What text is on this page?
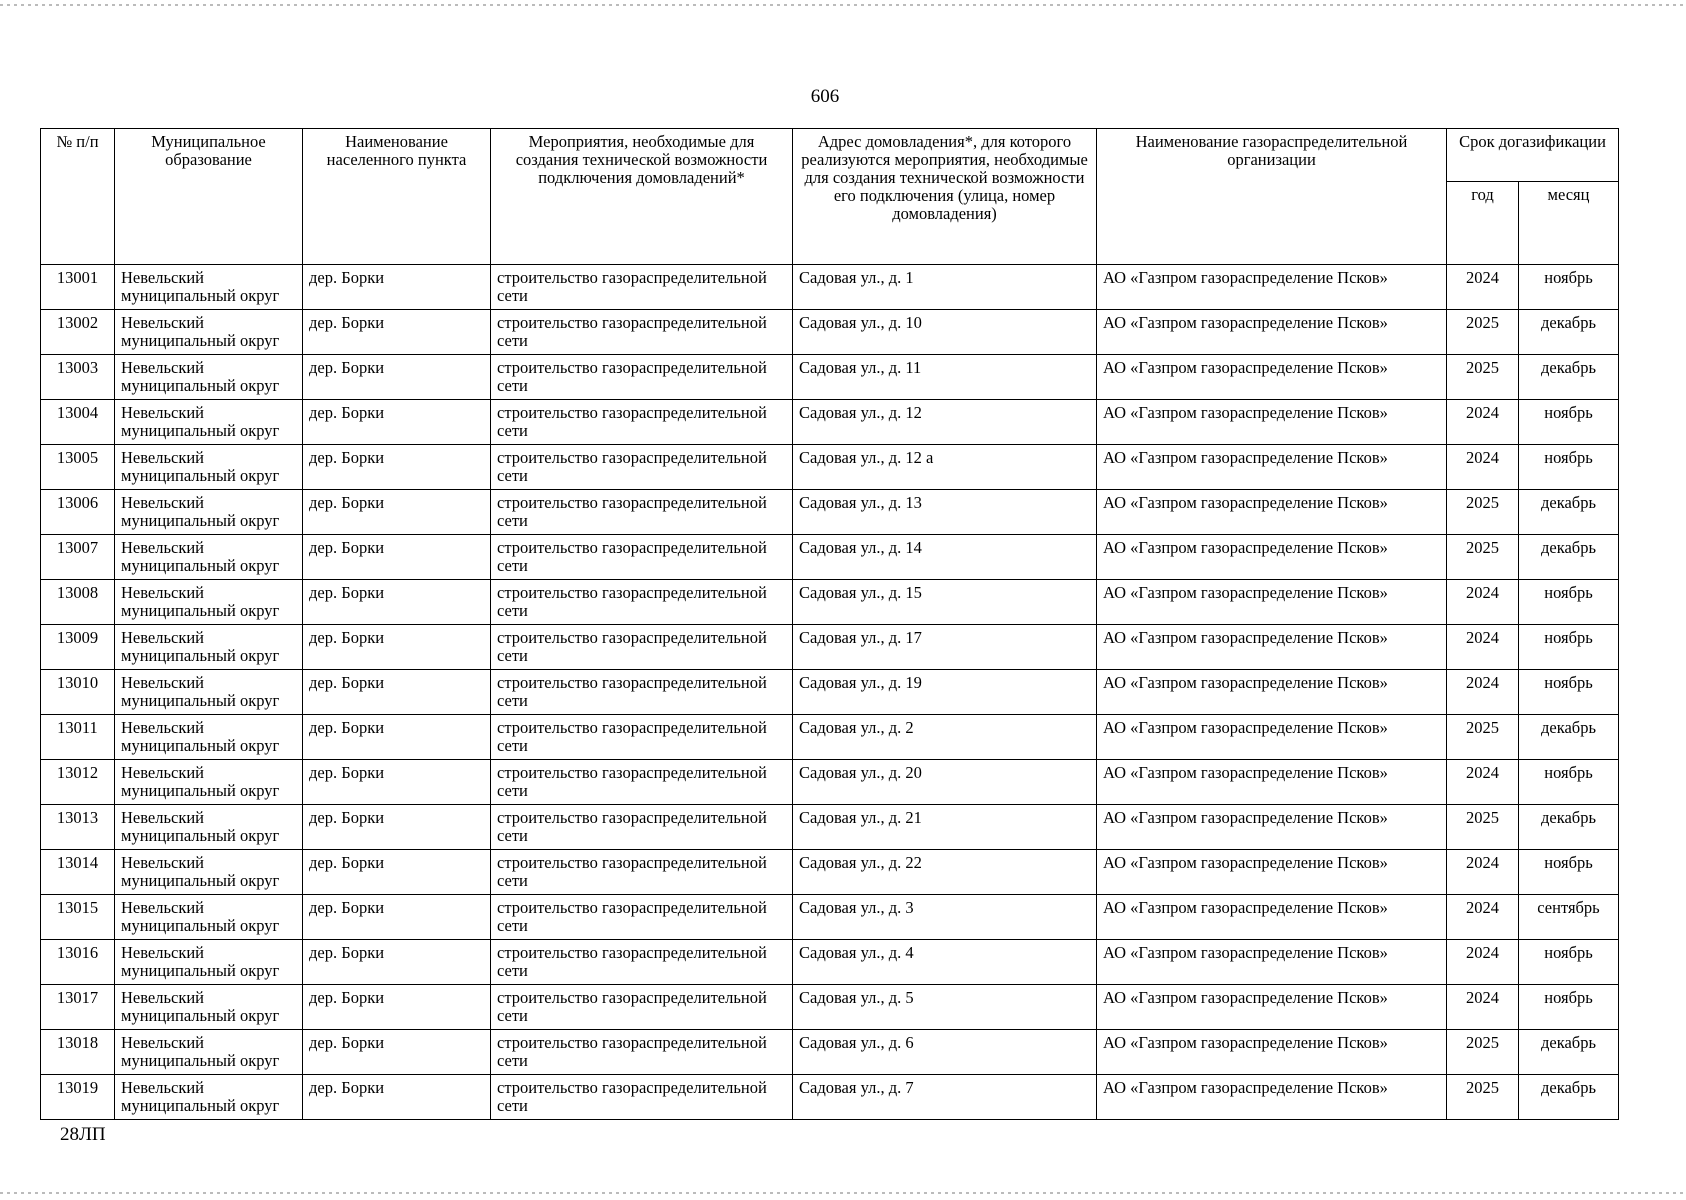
606
№ п/п	Муниципальное образование	Наименование населенного пункта	Мероприятия, необходимые для создания технической возможности подключения домовладений*	Адрес домовладения*, для которого реализуются мероприятия, необходимые для создания технической возможности его подключения (улица, номер домовладения)	Наименование газораспределительной организации	Срок догазификации	
						год	месяц
13001	Невельский муниципальный округ	дер. Борки	строительство газораспределительной сети	Садовая ул., д. 1	АО «Газпром газораспределение Псков»	2024	ноябрь
13002	Невельский муниципальный округ	дер. Борки	строительство газораспределительной сети	Садовая ул., д. 10	АО «Газпром газораспределение Псков»	2025	декабрь
13003	Невельский муниципальный округ	дер. Борки	строительство газораспределительной сети	Садовая ул., д. 11	АО «Газпром газораспределение Псков»	2025	декабрь
13004	Невельский муниципальный округ	дер. Борки	строительство газораспределительной сети	Садовая ул., д. 12	АО «Газпром газораспределение Псков»	2024	ноябрь
13005	Невельский муниципальный округ	дер. Борки	строительство газораспределительной сети	Садовая ул., д. 12 а	АО «Газпром газораспределение Псков»	2024	ноябрь
13006	Невельский муниципальный округ	дер. Борки	строительство газораспределительной сети	Садовая ул., д. 13	АО «Газпром газораспределение Псков»	2025	декабрь
13007	Невельский муниципальный округ	дер. Борки	строительство газораспределительной сети	Садовая ул., д. 14	АО «Газпром газораспределение Псков»	2025	декабрь
13008	Невельский муниципальный округ	дер. Борки	строительство газораспределительной сети	Садовая ул., д. 15	АО «Газпром газораспределение Псков»	2024	ноябрь
13009	Невельский муниципальный округ	дер. Борки	строительство газораспределительной сети	Садовая ул., д. 17	АО «Газпром газораспределение Псков»	2024	ноябрь
13010	Невельский муниципальный округ	дер. Борки	строительство газораспределительной сети	Садовая ул., д. 19	АО «Газпром газораспределение Псков»	2024	ноябрь
13011	Невельский муниципальный округ	дер. Борки	строительство газораспределительной сети	Садовая ул., д. 2	АО «Газпром газораспределение Псков»	2025	декабрь
13012	Невельский муниципальный округ	дер. Борки	строительство газораспределительной сети	Садовая ул., д. 20	АО «Газпром газораспределение Псков»	2024	ноябрь
13013	Невельский муниципальный округ	дер. Борки	строительство газораспределительной сети	Садовая ул., д. 21	АО «Газпром газораспределение Псков»	2025	декабрь
13014	Невельский муниципальный округ	дер. Борки	строительство газораспределительной сети	Садовая ул., д. 22	АО «Газпром газораспределение Псков»	2024	ноябрь
13015	Невельский муниципальный округ	дер. Борки	строительство газораспределительной сети	Садовая ул., д. 3	АО «Газпром газораспределение Псков»	2024	сентябрь
13016	Невельский муниципальный округ	дер. Борки	строительство газораспределительной сети	Садовая ул., д. 4	АО «Газпром газораспределение Псков»	2024	ноябрь
13017	Невельский муниципальный округ	дер. Борки	строительство газораспределительной сети	Садовая ул., д. 5	АО «Газпром газораспределение Псков»	2024	ноябрь
13018	Невельский муниципальный округ	дер. Борки	строительство газораспределительной сети	Садовая ул., д. 6	АО «Газпром газораспределение Псков»	2025	декабрь
13019	Невельский муниципальный округ	дер. Борки	строительство газораспределительной сети	Садовая ул., д. 7	АО «Газпром газораспределение Псков»	2025	декабрь
28ЛП
